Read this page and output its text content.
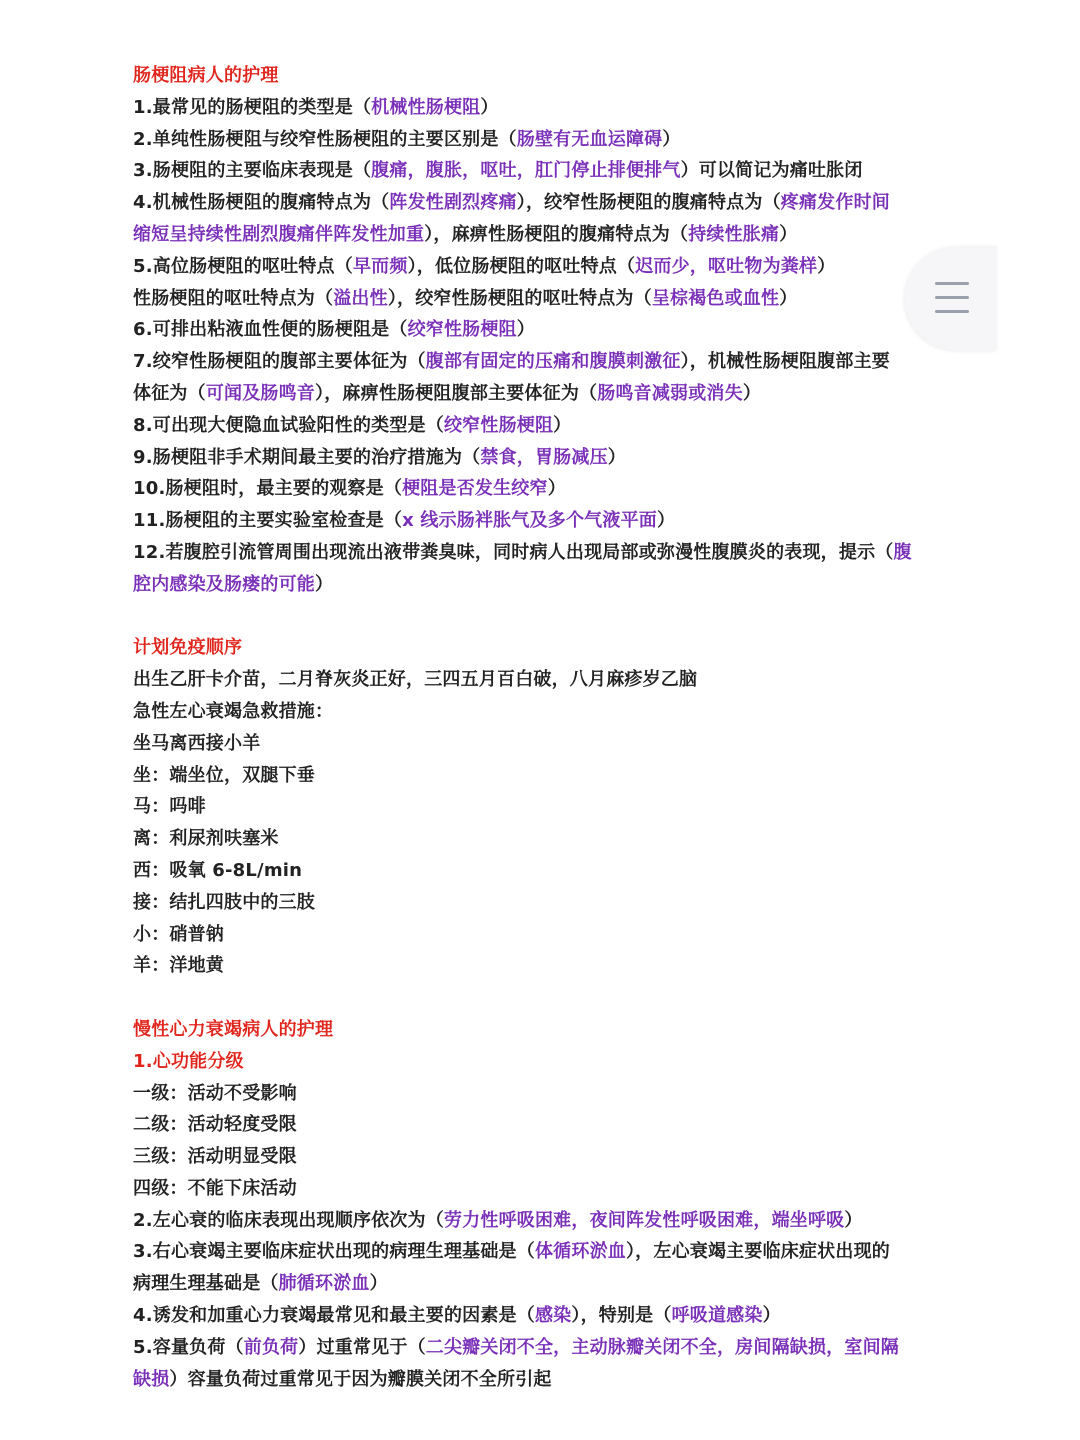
肠梗阻病人的护理
1.最常见的肠梗阻的类型是（机械性肠梗阻）
2.单纯性肠梗阻与绞窄性肠梗阻的主要区别是（肠壁有无血运障碍）
3.肠梗阻的主要临床表现是（腹痛，腹胀，呕吐，肛门停止排便排气）可以简记为痛吐胀闭
4.机械性肠梗阻的腹痛特点为（阵发性剧烈疼痛），绞窄性肠梗阻的腹痛特点为（疼痛发作时间
缩短呈持续性剧烈腹痛伴阵发性加重），麻痹性肠梗阻的腹痛特点为（持续性胀痛）
5.高位肠梗阻的呕吐特点（早而频），低位肠梗阻的呕吐特点（迟而少，呕吐物为粪样）
性肠梗阻的呕吐特点为（溢出性），绞窄性肠梗阻的呕吐特点为（呈棕褐色或血性）
6.可排出粘液血性便的肠梗阻是（绞窄性肠梗阻）
7.绞窄性肠梗阻的腹部主要体征为（腹部有固定的压痛和腹膜刺激征），机械性肠梗阻腹部主要
体征为（可闻及肠鸣音），麻痹性肠梗阻腹部主要体征为（肠鸣音减弱或消失）
8.可出现大便隐血试验阳性的类型是（绞窄性肠梗阻）
9.肠梗阻非手术期间最主要的治疗措施为（禁食，胃肠减压）
10.肠梗阻时，最主要的观察是（梗阻是否发生绞窄）
11.肠梗阻的主要实验室检查是（x 线示肠袢胀气及多个气液平面）
12.若腹腔引流管周围出现流出液带粪臭味，同时病人出现局部或弥漫性腹膜炎的表现，提示（腹
腔内感染及肠瘘的可能）
计划免疫顺序
出生乙肝卡介苗，二月脊灰炎正好，三四五月百白破，八月麻疹岁乙脑
急性左心衰竭急救措施：
坐马离西接小羊
坐：端坐位，双腿下垂
马：吗啡
离：利尿剂呋塞米
西：吸氧 6-8L/min
接：结扎四肢中的三肢
小：硝普钠
羊：洋地黄
慢性心力衰竭病人的护理
1.心功能分级
一级：活动不受影响
二级：活动轻度受限
三级：活动明显受限
四级：不能下床活动
2.左心衰的临床表现出现顺序依次为（劳力性呼吸困难，夜间阵发性呼吸困难，端坐呼吸）
3.右心衰竭主要临床症状出现的病理生理基础是（体循环淤血），左心衰竭主要临床症状出现的
病理生理基础是（肺循环淤血）
4.诱发和加重心力衰竭最常见和最主要的因素是（感染），特别是（呼吸道感染）
5.容量负荷（前负荷）过重常见于（二尖瓣关闭不全，主动脉瓣关闭不全，房间隔缺损，室间隔
缺损）容量负荷过重常见于因为瓣膜关闭不全所引起
